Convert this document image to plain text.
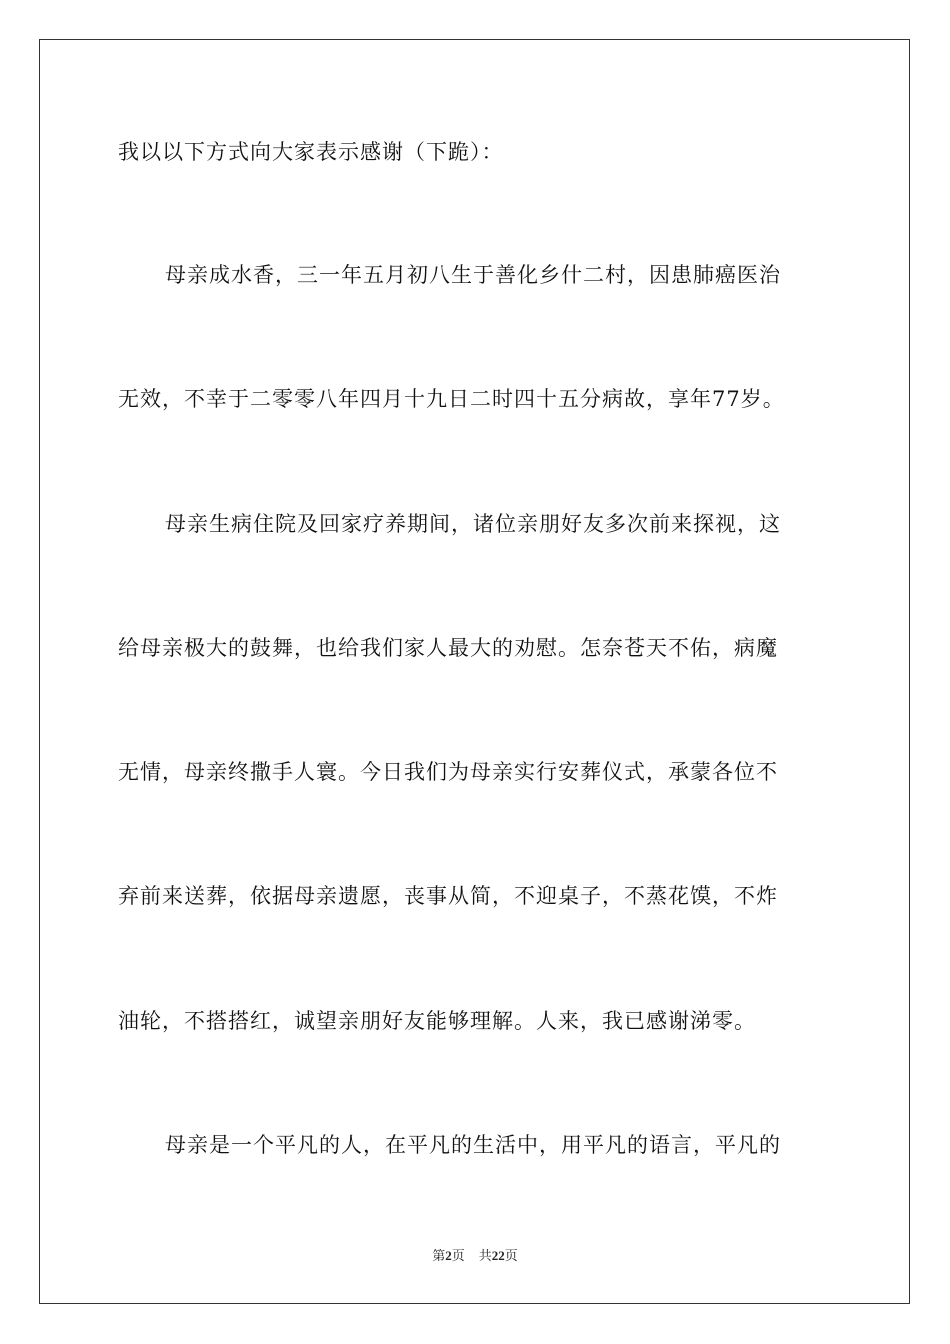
我以以下方式向大家表示感谢（下跪）：
母亲成水香，三一年五月初八生于善化乡什二村，因患肺癌医治
无效，不幸于二零零八年四月十九日二时四十五分病故，享年77岁。
母亲生病住院及回家疗养期间，诸位亲朋好友多次前来探视，这
给母亲极大的鼓舞，也给我们家人最大的劝慰。怎奈苍天不佑，病魔
无情，母亲终撒手人寰。今日我们为母亲实行安葬仪式，承蒙各位不
弃前来送葬，依据母亲遗愿，丧事从简，不迎桌子，不蒸花馍，不炸
油轮，不搭搭红，诚望亲朋好友能够理解。人来，我已感谢涕零。
母亲是一个平凡的人，在平凡的生活中，用平凡的语言，平凡的
第2页 共22页
